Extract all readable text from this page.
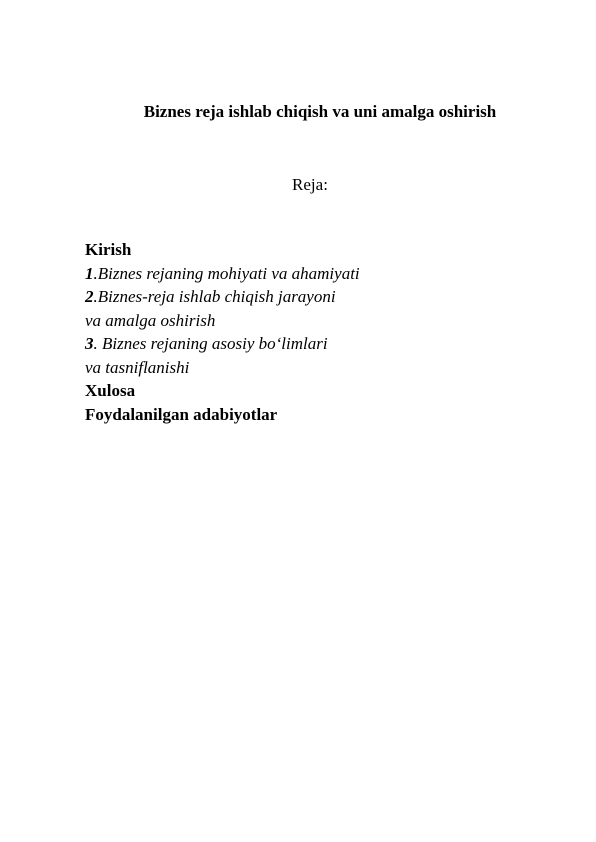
Biznes reja ishlab chiqish va uni amalga oshirish
Reja:
Kirish
1.Biznes rejaning mohiyati va ahamiyati
2.Biznes-reja ishlab chiqish jarayoni
va amalga oshirish
3. Biznes rejaning asosiy bo‘limlari
va tasniflanishi
Xulosa
Foydalanilgan adabiyotlar
